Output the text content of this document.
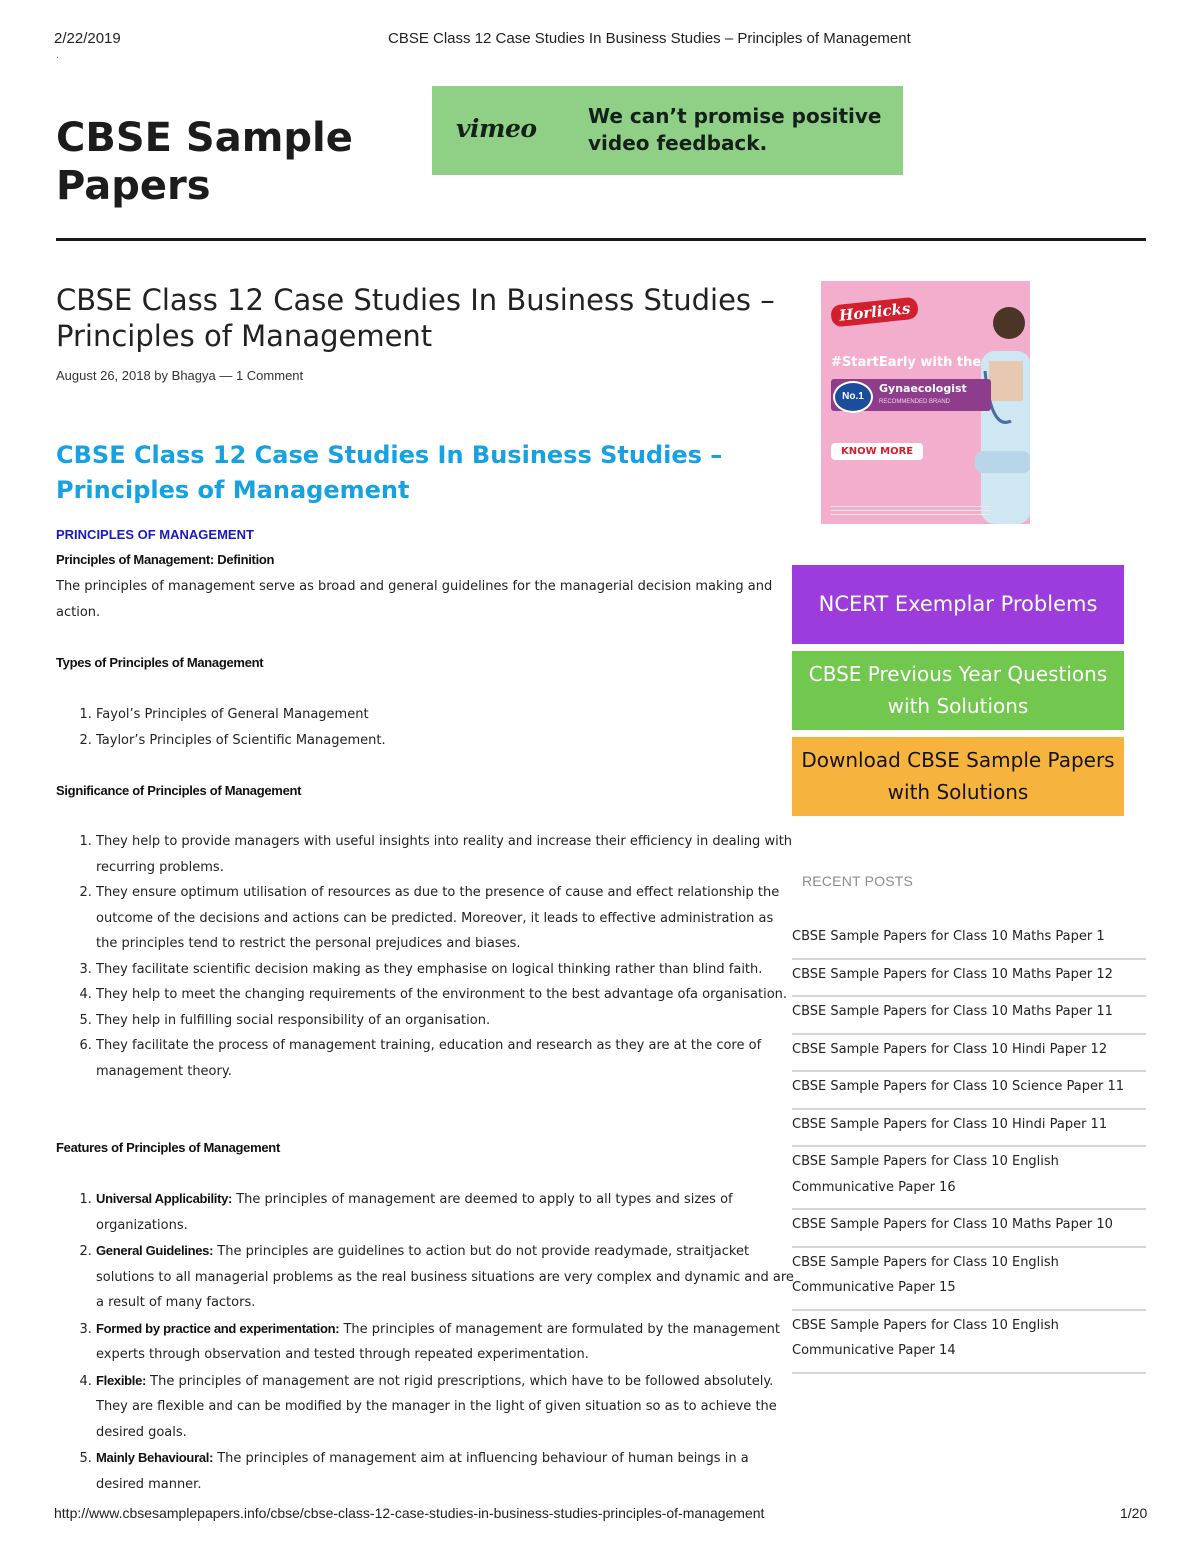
2/22/2019	CBSE Class 12 Case Studies In Business Studies – Principles of Management
.
CBSE Sample Papers
vimeo	We can’t promise positive video feedback.
CBSE Class 12 Case Studies In Business Studies – Principles of Management
August 26, 2018 by Bhagya — 1 Comment
CBSE Class 12 Case Studies In Business Studies – Principles of Management
PRINCIPLES OF MANAGEMENT
Principles of Management: Definition
The principles of management serve as broad and general guidelines for the managerial decision making and action.
Types of Principles of Management
1. Fayol’s Principles of General Management
2. Taylor’s Principles of Scientific Management.
Significance of Principles of Management
1. They help to provide managers with useful insights into reality and increase their efficiency in dealing with recurring problems.
2. They ensure optimum utilisation of resources as due to the presence of cause and effect relationship the outcome of the decisions and actions can be predicted. Moreover, it leads to effective administration as the principles tend to restrict the personal prejudices and biases.
3. They facilitate scientific decision making as they emphasise on logical thinking rather than blind faith.
4. They help to meet the changing requirements of the environment to the best advantage ofa organisation.
5. They help in fulfilling social responsibility of an organisation.
6. They facilitate the process of management training, education and research as they are at the core of management theory.
Features of Principles of Management
1. Universal Applicability: The principles of management are deemed to apply to all types and sizes of organizations.
2. General Guidelines: The principles are guidelines to action but do not provide readymade, straitjacket solutions to all managerial problems as the real business situations are very complex and dynamic and are a result of many factors.
3. Formed by practice and experimentation: The principles of management are formulated by the management experts through observation and tested through repeated experimentation.
4. Flexible: The principles of management are not rigid prescriptions, which have to be followed absolutely. They are flexible and can be modified by the manager in the light of given situation so as to achieve the desired goals.
5. Mainly Behavioural: The principles of management aim at influencing behaviour of human beings in a desired manner.
Horlicks
#StartEarly with the
No.1
Gynaecologist
RECOMMENDED BRAND
KNOW MORE
NCERT Exemplar Problems
CBSE Previous Year Questions with Solutions
Download CBSE Sample Papers with Solutions
RECENT POSTS
CBSE Sample Papers for Class 10 Maths Paper 1
CBSE Sample Papers for Class 10 Maths Paper 12
CBSE Sample Papers for Class 10 Maths Paper 11
CBSE Sample Papers for Class 10 Hindi Paper 12
CBSE Sample Papers for Class 10 Science Paper 11
CBSE Sample Papers for Class 10 Hindi Paper 11
CBSE Sample Papers for Class 10 English Communicative Paper 16
CBSE Sample Papers for Class 10 Maths Paper 10
CBSE Sample Papers for Class 10 English Communicative Paper 15
CBSE Sample Papers for Class 10 English Communicative Paper 14
http://www.cbsesamplepapers.info/cbse/cbse-class-12-case-studies-in-business-studies-principles-of-management	1/20
